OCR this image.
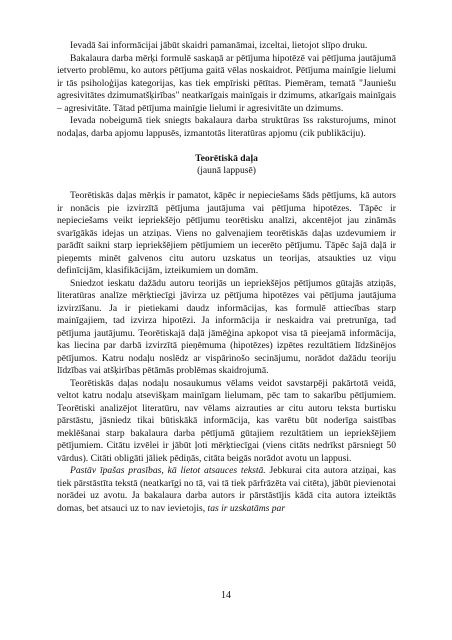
Ievadā šai informācijai jābūt skaidri pamanāmai, izceltai, lietojot slīpo druku.

Bakalaura darba mērķi formulē saskaņā ar pētījuma hipotēzē vai pētījuma jautājumā ietverto problēmu, ko autors pētījuma gaitā vēlas noskaidrot. Pētījuma mainīgie lielumi ir tās psiholoģijas kategorijas, kas tiek empīriski pētītas. Piemēram, tematā "Jauniešu agresivitātes dzimumatšķirības" neatkarīgais mainīgais ir dzimums, atkarīgais mainīgais – agresivitāte. Tātad pētījuma mainīgie lielumi ir agresivitāte un dzimums.

Ievada nobeigumā tiek sniegts bakalaura darba struktūras īss raksturojums, minot nodaļas, darba apjomu lappusēs, izmantotās literatūras apjomu (cik publikāciju).

Teorētiskā daļa

(jaunā lappusē)

Teorētiskās daļas mērķis ir pamatot, kāpēc ir nepieciešams šāds pētījums, kā autors ir nonācis pie izvirzītā pētījuma jautājuma vai pētījuma hipotēzes. Tāpēc ir nepieciešams veikt iepriekšējo pētījumu teorētisku analīzi, akcentējot jau zināmās svarīgākās idejas un atziņas. Viens no galvenajiem teorētiskās daļas uzdevumiem ir parādīt saikni starp iepriekšējiem pētījumiem un iecerēto pētījumu. Tāpēc šajā daļā ir pieņemts minēt galvenos citu autoru uzskatus un teorijas, atsaukties uz viņu definīcijām, klasifikācijām, izteikumiem un domām.

Sniedzot ieskatu dažādu autoru teorijās un iepriekšējos pētījumos gūtajās atziņās, literatūras analīze mērķtiecīgi jāvirza uz pētījuma hipotēzes vai pētījuma jautājuma izvirzīšanu. Ja ir pietiekami daudz informācijas, kas formulē attiecības starp mainīgajiem, tad izvirza hipotēzi. Ja informācija ir neskaidra vai pretrunīga, tad pētījuma jautājumu. Teorētiskajā daļā jāmēģina apkopot visa tā pieejamā informācija, kas liecina par darbā izvirzītā pieņēmuma (hipotēzes) izpētes rezultātiem līdzšinējos pētījumos. Katru nodaļu noslēdz ar vispārinošo secinājumu, norādot dažādu teoriju līdzības vai atšķirības pētāmās problēmas skaidrojumā.

Teorētiskās daļas nodaļu nosaukumus vēlams veidot savstarpēji pakārtotā veidā, veltot katru nodaļu atsevišķam mainīgam lielumam, pēc tam to sakarību pētījumiem. Teorētiski analizējot literatūru, nav vēlams aizrauties ar citu autoru teksta burtisku pārstāstu, jāsniedz tikai būtiskākā informācija, kas varētu būt noderīga saistības meklēšanai starp bakalaura darba pētījumā gūtajiem rezultātiem un iepriekšējiem pētījumiem. Citātu izvēlei ir jābūt ļoti mērķtiecīgai (viens citāts nedrīkst pārsniegt 50 vārdus). Citāti obligāti jāliek pēdiņās, citāta beigās norādot avotu un lappusi.

Pastāv īpašas prasības, kā lietot atsauces tekstā. Jebkurai cita autora atziņai, kas tiek pārstāstīta tekstā (neatkarīgi no tā, vai tā tiek pārfrāzēta vai citēta), jābūt pievienotai norādei uz avotu. Ja bakalaura darba autors ir pārstāstījis kādā cita autora izteiktās domas, bet atsauci uz to nav ievietojis, tas ir uzskatāms par

14
